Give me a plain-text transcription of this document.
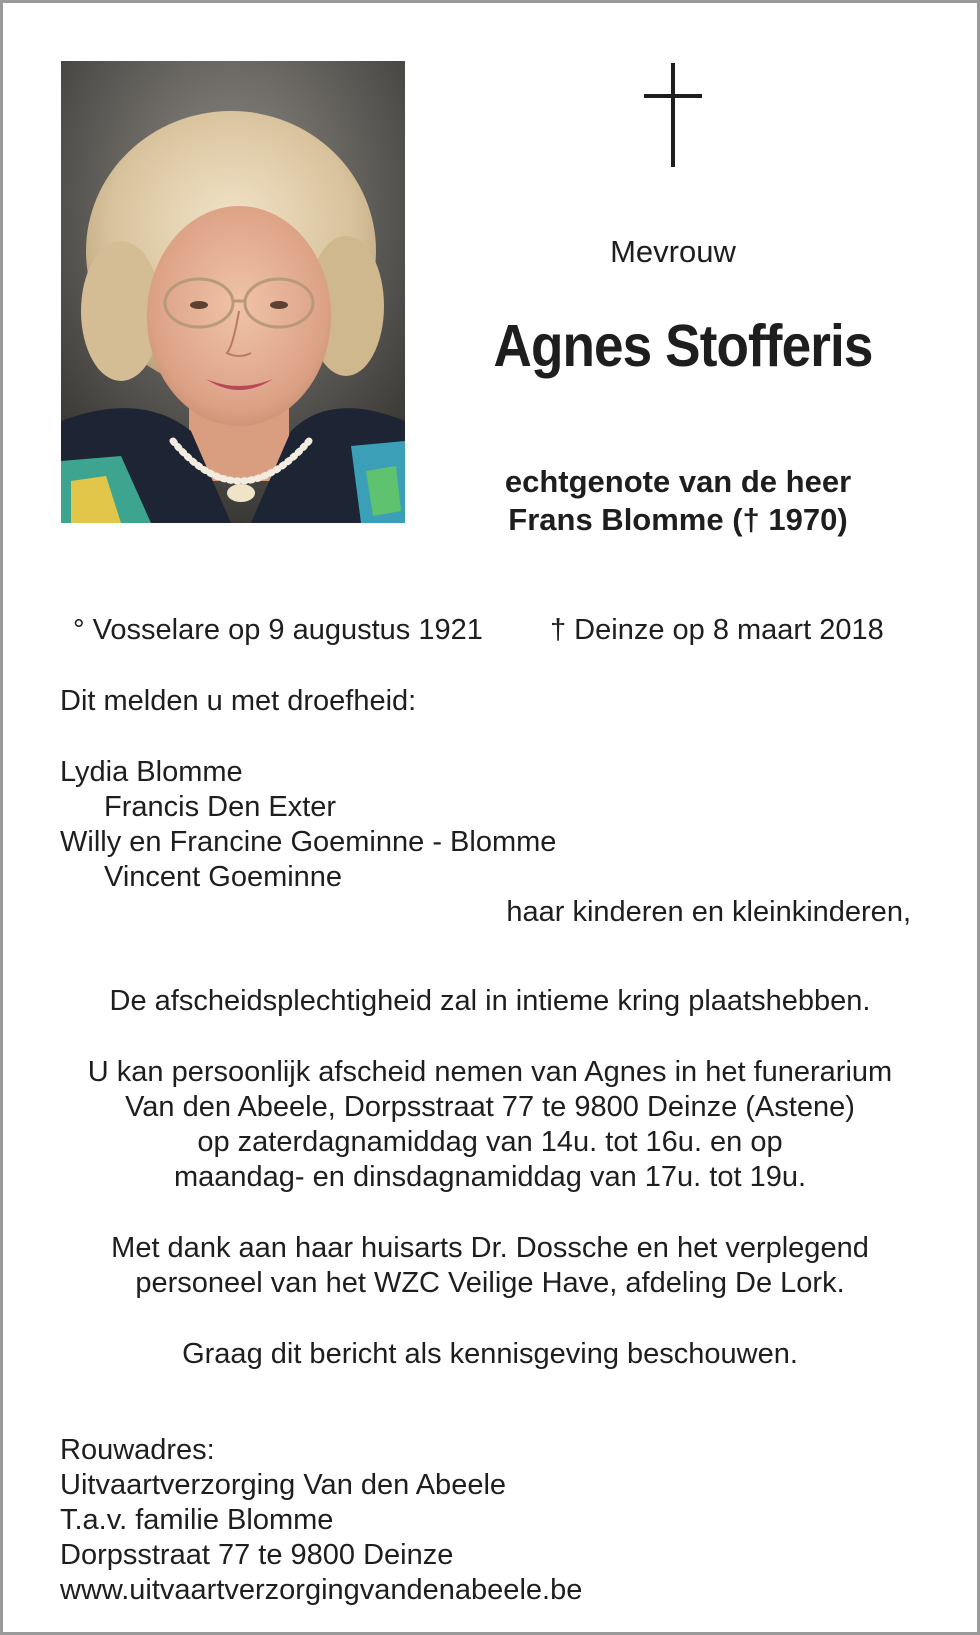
Mevrouw
Agnes Stofferis
echtgenote van de heer
Frans Blomme († 1970)
° Vosselare op 9 augustus 1921 † Deinze op 8 maart 2018
Dit melden u met droefheid:
Lydia Blomme
Francis Den Exter
Willy en Francine Goeminne - Blomme
Vincent Goeminne
haar kinderen en kleinkinderen,
De afscheidsplechtigheid zal in intieme kring plaatshebben.
U kan persoonlijk afscheid nemen van Agnes in het funerarium
Van den Abeele, Dorpsstraat 77 te 9800 Deinze (Astene)
op zaterdagnamiddag van 14u. tot 16u. en op
maandag- en dinsdagnamiddag van 17u. tot 19u.
Met dank aan haar huisarts Dr. Dossche en het verplegend
personeel van het WZC Veilige Have, afdeling De Lork.
Graag dit bericht als kennisgeving beschouwen.
Rouwadres:
Uitvaartverzorging Van den Abeele
T.a.v. familie Blomme
Dorpsstraat 77 te 9800 Deinze
www.uitvaartverzorgingvandenabeele.be
